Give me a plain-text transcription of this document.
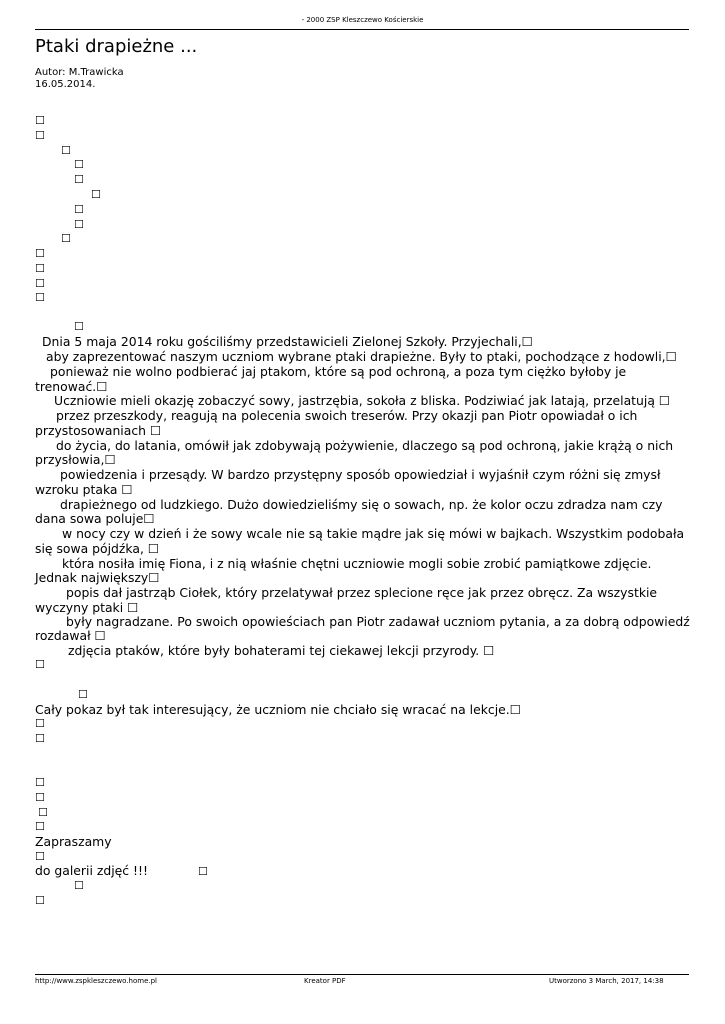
- 2000 ZSP Kleszczewo Kościerskie
Ptaki drapieżne ...
Autor: M.Trawicka
16.05.2014.
☐
☐
☐
☐
☐
☐
☐
☐
☐
☐
☐
☐
☐
☐
Dnia 5 maja 2014 roku gościliśmy przedstawicieli Zielonej Szkoły. Przyjechali,☐
aby zaprezentować naszym uczniom wybrane ptaki drapieżne. Były to ptaki, pochodzące z hodowli,☐
ponieważ nie wolno podbierać jaj ptakom, które są pod ochroną, a poza tym ciężko byłoby je
trenować.☐
Uczniowie mieli okazję zobaczyć sowy, jastrzębia, sokoła z bliska. Podziwiać jak latają, przelatują ☐
przez przeszkody, reagują na polecenia swoich treserów. Przy okazji pan Piotr opowiadał o ich
przystosowaniach ☐
do życia, do latania, omówił jak zdobywają pożywienie, dlaczego są pod ochroną, jakie krążą o nich
przysłowia,☐
powiedzenia i przesądy. W bardzo przystępny sposób opowiedział i wyjaśnił czym różni się zmysł
wzroku ptaka ☐
drapieżnego od ludzkiego. Dużo dowiedzieliśmy się o sowach, np. że kolor oczu zdradza nam czy
dana sowa poluje☐
w nocy czy w dzień i że sowy wcale nie są takie mądre jak się mówi w bajkach. Wszystkim podobała
się sowa pójdźka, ☐
która nosiła imię Fiona, i z nią właśnie chętni uczniowie mogli sobie zrobić pamiątkowe zdjęcie.
Jednak największy☐
popis dał jastrząb Ciołek, który przelatywał przez splecione ręce jak przez obręcz. Za wszystkie
wyczyny ptaki ☐
były nagradzane. Po swoich opowieściach pan Piotr zadawał uczniom pytania, a za dobrą odpowiedź
rozdawał ☐
zdjęcia ptaków, które były bohaterami tej ciekawej lekcji przyrody. ☐
☐
☐
Cały pokaz był tak interesujący, że uczniom nie chciało się wracać na lekcje.☐
☐
☐
☐
☐
☐
☐
Zapraszamy
☐
do galerii zdjęć !!!	☐
☐
☐
http://www.zspkleszczewo.home.pl	Kreator PDF	Utworzono 3 March, 2017, 14:38
